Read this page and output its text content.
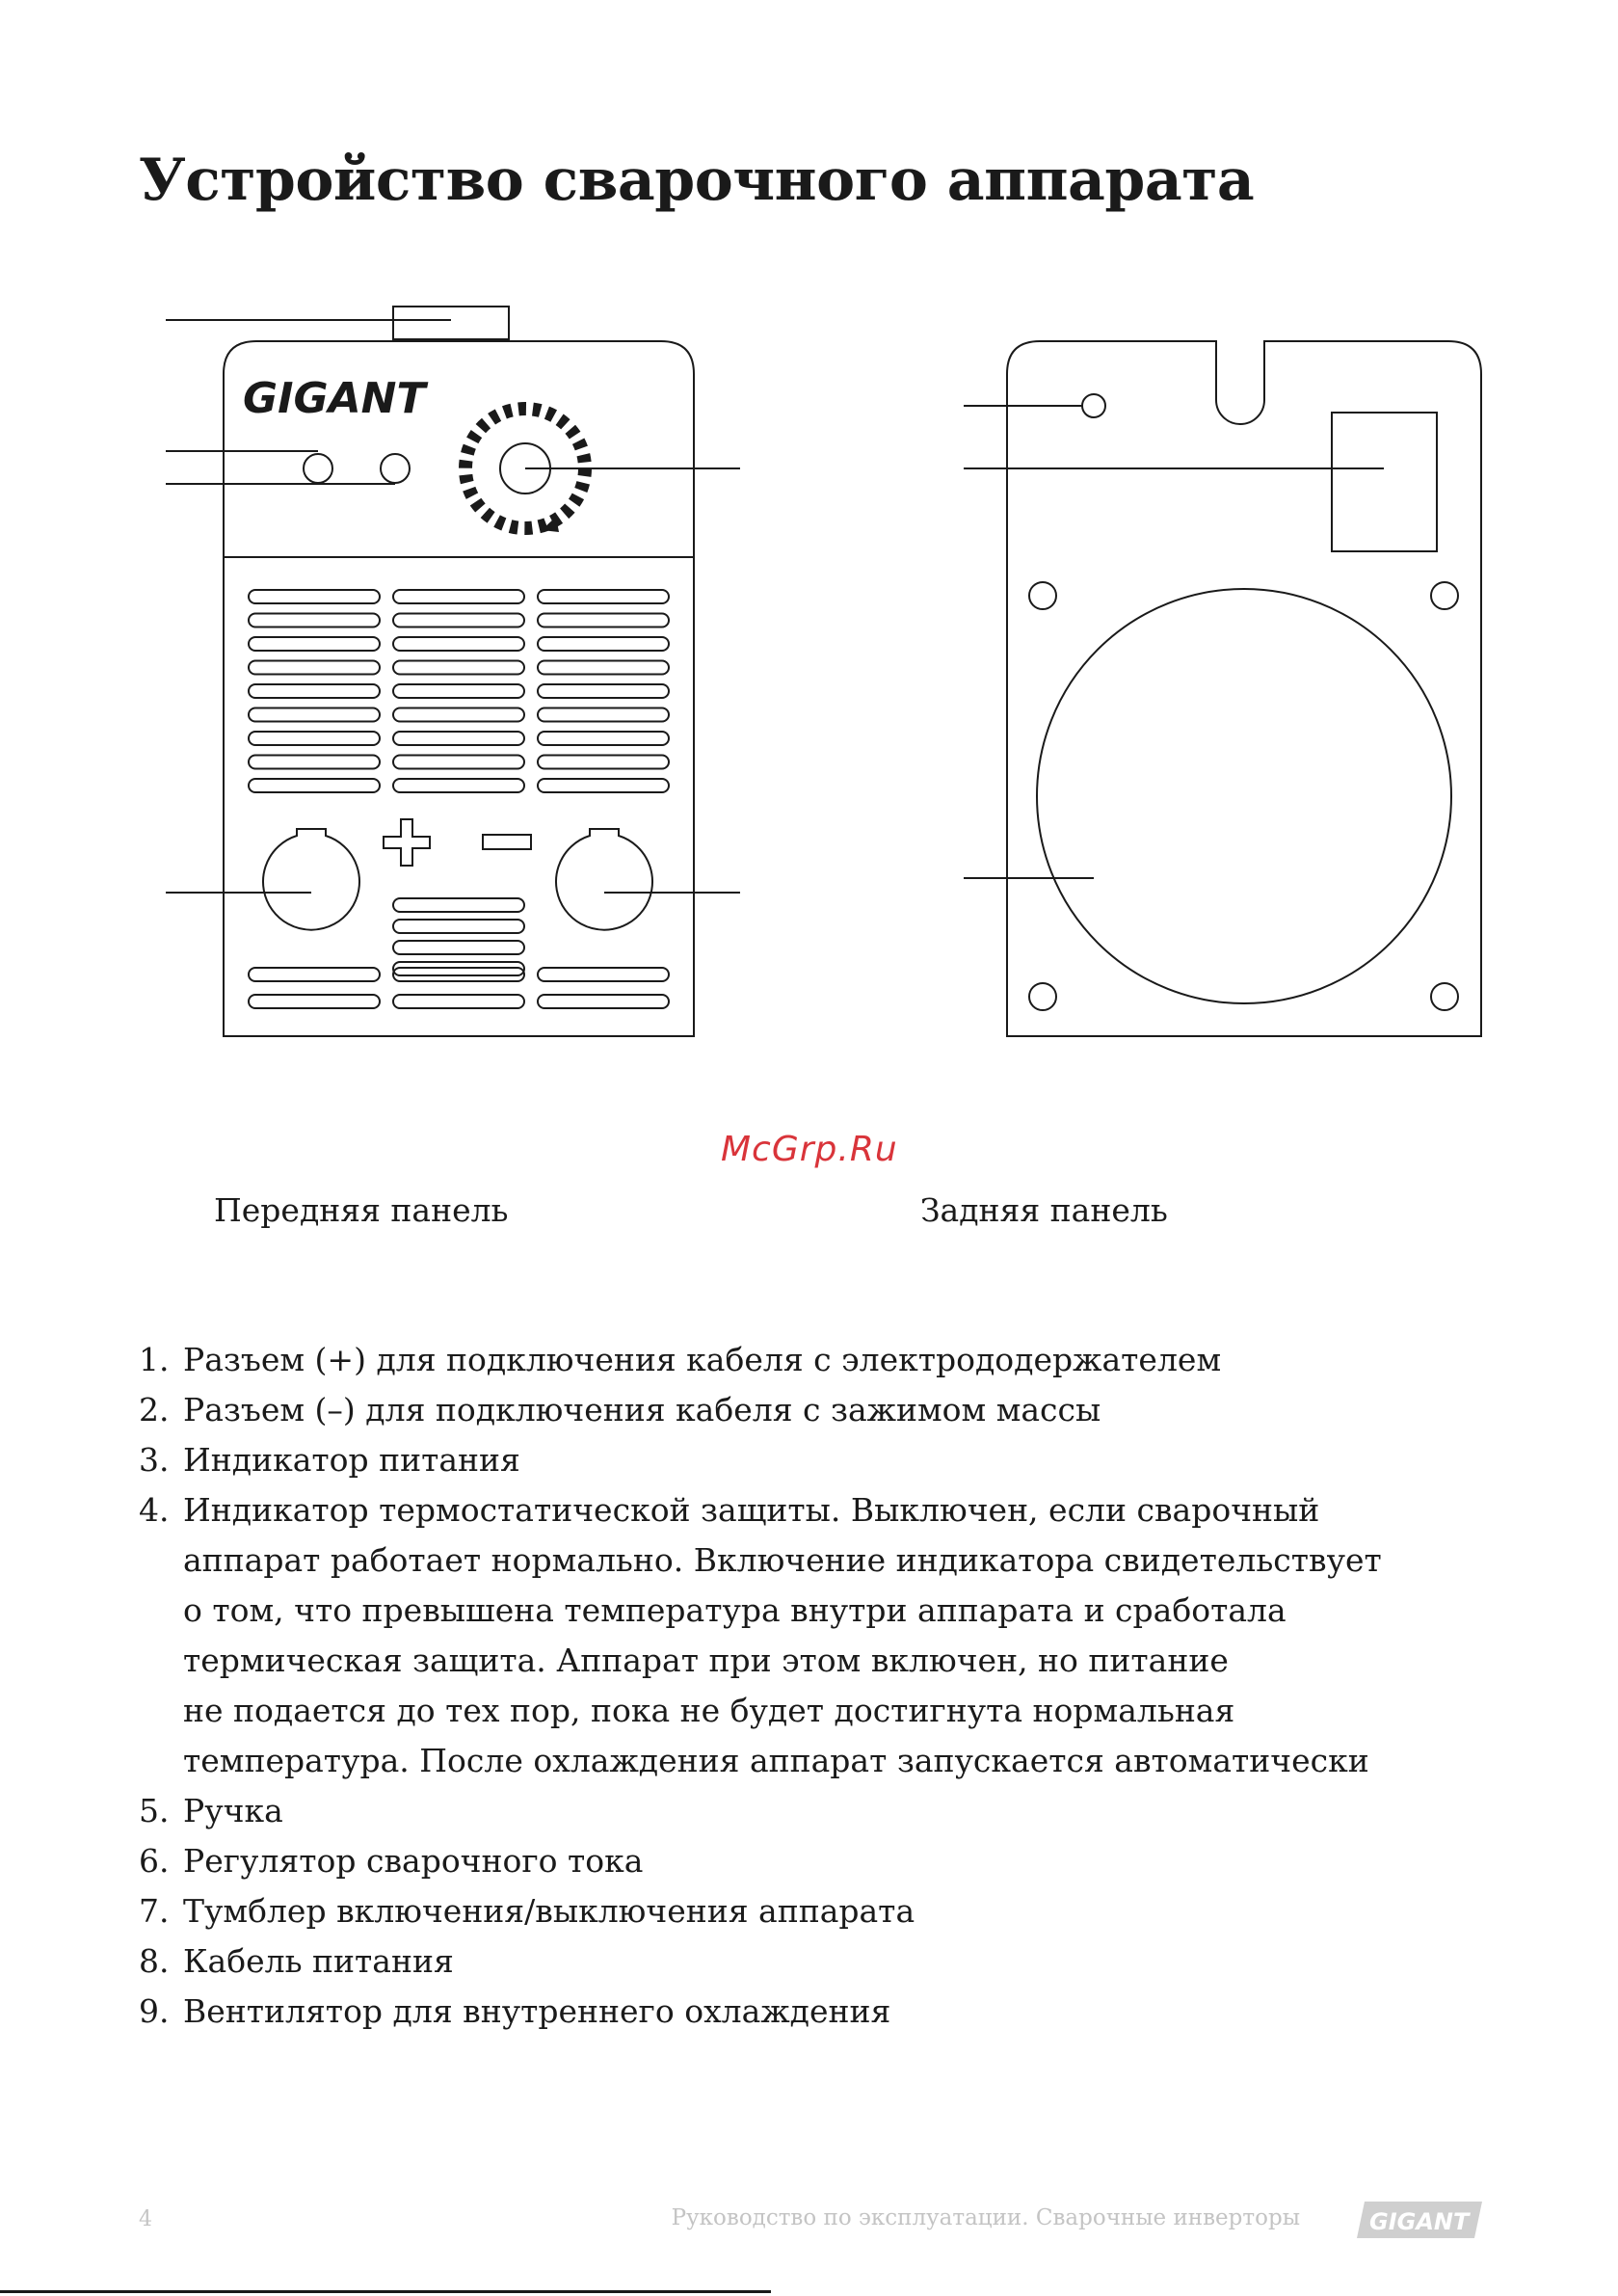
Устройство сварочного аппарата
GIGANT
McGrp.Ru
Передняя панель	Задняя панель
1. Разъем (+) для подключения кабеля с электрододержателем
2. Разъем (–) для подключения кабеля с зажимом массы
3. Индикатор питания
4. Индикатор термостатической защиты. Выключен, если сварочный
аппарат работает нормально. Включение индикатора свидетельствует
о том, что превышена температура внутри аппарата и сработала
термическая защита. Аппарат при этом включен, но питание
не подается до тех пор, пока не будет достигнута нормальная
температура. После охлаждения аппарат запускается автоматически
5. Ручка
6. Регулятор сварочного тока
7. Тумблер включения/выключения аппарата
8. Кабель питания
9. Вентилятор для внутреннего охлаждения
4	Руководство по эксплуатации. Сварочные инверторы	GIGANT
